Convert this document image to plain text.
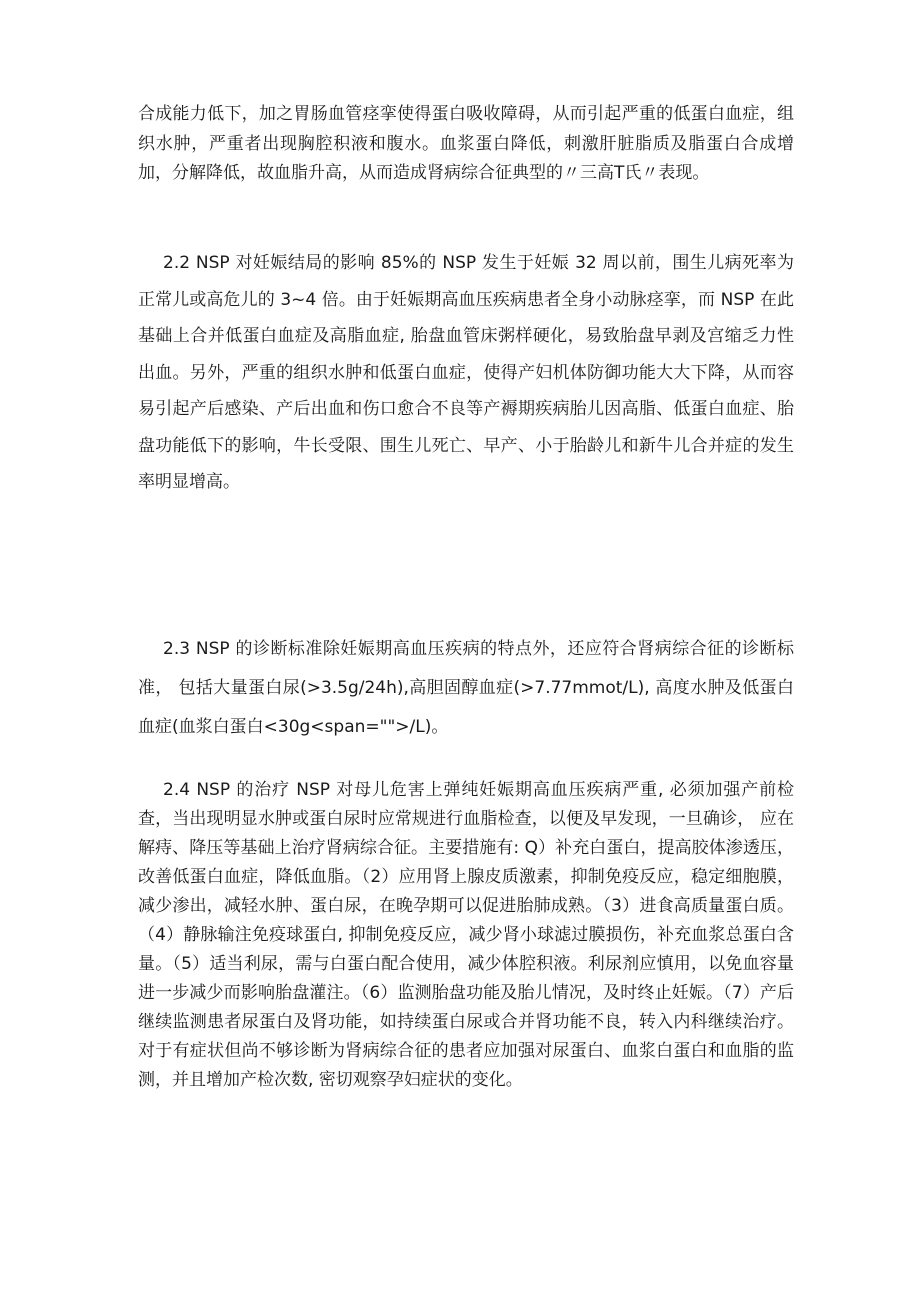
合成能力低下，加之胃肠血管痉挛使得蛋白吸收障碍，从而引起严重的低蛋白血症，组织水肿，严重者出现胸腔积液和腹水。血浆蛋白降低，刺激肝脏脂质及脂蛋白合成增加，分解降低，故血脂升高，从而造成肾病综合征典型的〃三高T氏〃表现。

2.2 NSP 对妊娠结局的影响 85%的 NSP 发生于妊娠 32 周以前，围生儿病死率为正常儿或高危儿的 3~4 倍。由于妊娠期高血压疾病患者全身小动脉痉挛，而 NSP 在此基础上合并低蛋白血症及高脂血症, 胎盘血管床粥样硬化，易致胎盘早剥及宫缩乏力性出血。另外，严重的组织水肿和低蛋白血症，使得产妇机体防御功能大大下降，从而容易引起产后感染、产后出血和伤口愈合不良等产褥期疾病胎儿因高脂、低蛋白血症、胎盘功能低下的影响，牛长受限、围生儿死亡、早产、小于胎龄儿和新牛儿合并症的发生率明显增高。

2.3 NSP 的诊断标准除妊娠期高血压疾病的特点外，还应符合肾病综合征的诊断标准， 包括大量蛋白尿(>3.5g/24h),高胆固醇血症(>7.77mmot∕L), 高度水肿及低蛋白血症(血浆白蛋白<30g<span="">/L)。

2.4 NSP 的治疗 NSP 对母儿危害上弹纯妊娠期高血压疾病严重, 必须加强产前检查，当出现明显水肿或蛋白尿时应常规进行血脂检查，以便及早发现，一旦确诊， 应在解痔、降压等基础上治疗肾病综合征。主要措施有: Q）补充白蛋白，提高胶体渗透压，改善低蛋白血症，降低血脂。（2）应用肾上腺皮质激素，抑制免疫反应，稳定细胞膜，减少渗出，减轻水肿、蛋白尿，在晚孕期可以促进胎肺成熟。（3）进食高质量蛋白质。（4）静脉输注免疫球蛋白, 抑制免疫反应，减少肾小球滤过膜损伤，补充血浆总蛋白含量。（5）适当利尿，需与白蛋白配合使用，减少体腔积液。利尿剂应慎用，以免血容量进一步减少而影响胎盘灌注。（6）监测胎盘功能及胎儿情况，及时终止妊娠。（7）产后继续监测患者尿蛋白及肾功能，如持续蛋白尿或合并肾功能不良，转入内科继续治疗。对于有症状但尚不够诊断为肾病综合征的患者应加强对尿蛋白、血浆白蛋白和血脂的监测，并且增加产检次数, 密切观察孕妇症状的变化。
